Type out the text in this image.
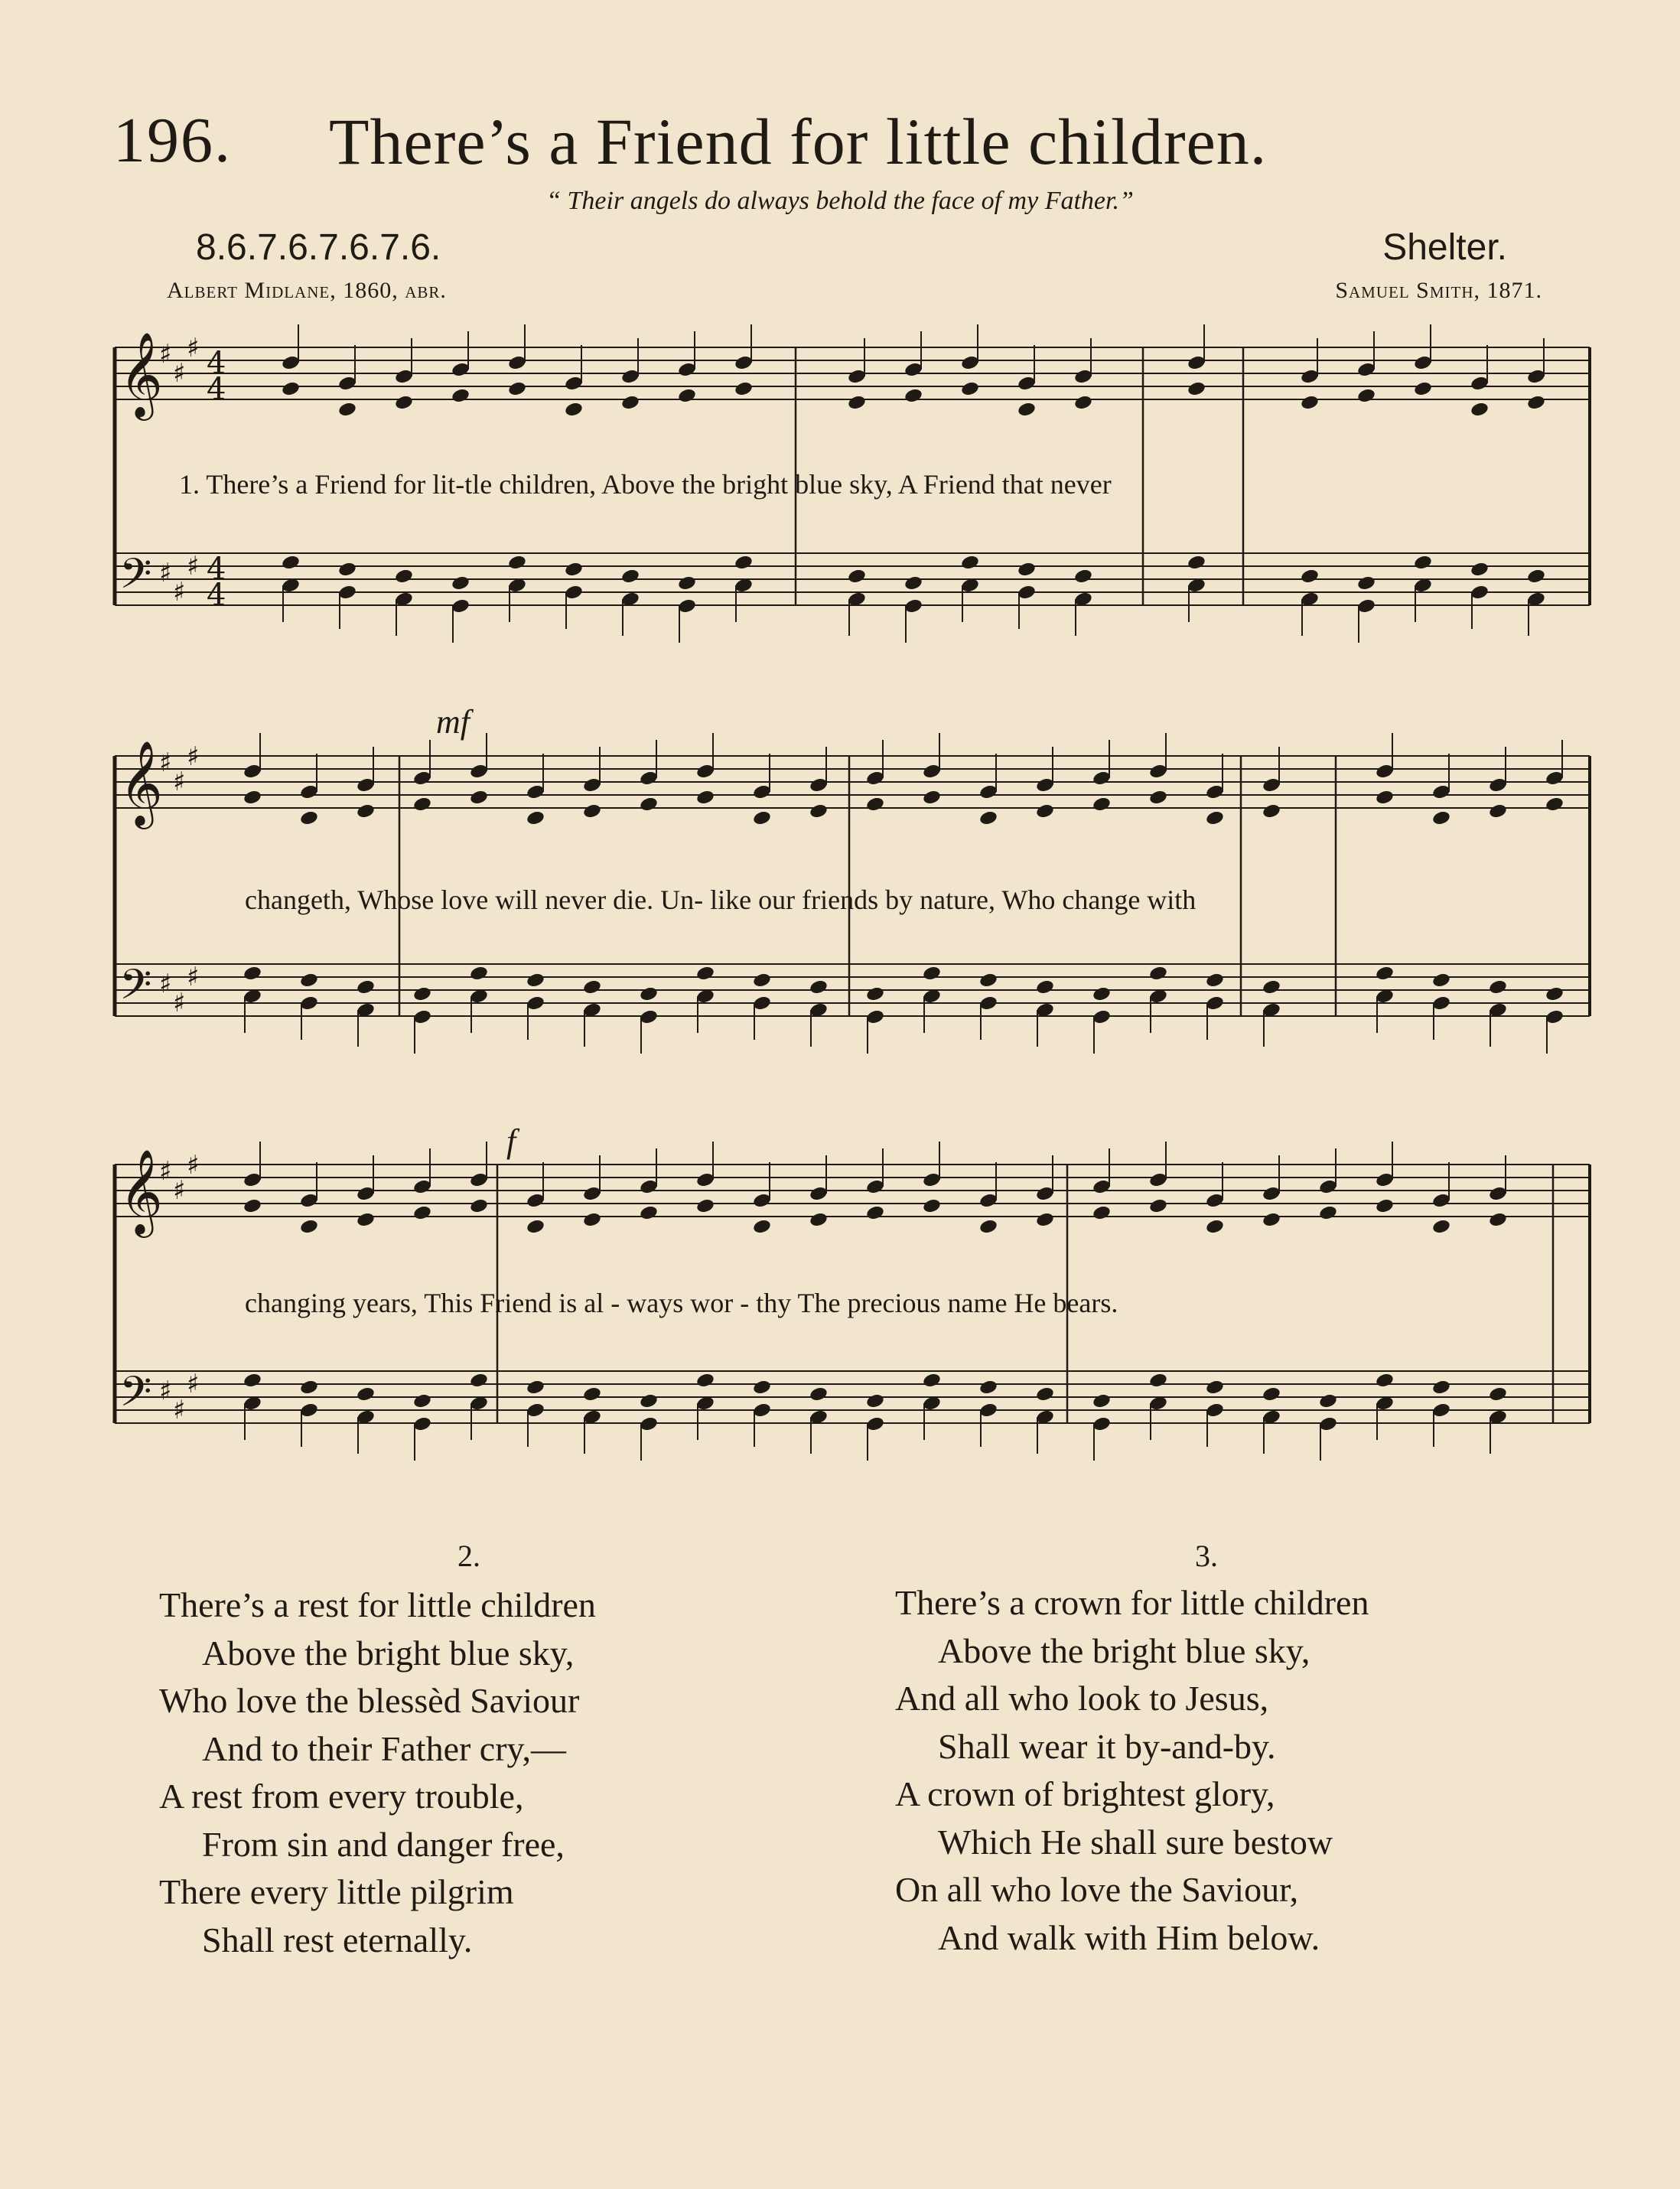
196. There’s a Friend for little children.
“ Their angels do always behold the face of my Father.”
8.6.7.6.7.6.7.6.	Shelter.
Albert Midlane, 1860, abr.	Samuel Smith, 1871.
𝄞
♯
♯
♯ 4
4
𝄢 ♯
♯
♯ 4
4
𝄞
♯
♯
♯
𝄢 ♯
♯
♯
𝄞
♯
♯
♯
𝄢 ♯
♯
♯
mf
f
1. There’s a Friend for lit-tle children, Above the bright blue sky, A Friend that never
changeth, Whose love will never die. Un- like our friends by nature, Who change with
changing years, This Friend is al - ways wor - thy The precious name He bears.
2.
There’s a rest for little children
Above the bright blue sky,
Who love the blessèd Saviour
And to their Father cry,—
A rest from every trouble,
From sin and danger free,
There every little pilgrim
Shall rest eternally.
3.
There’s a crown for little children
Above the bright blue sky,
And all who look to Jesus,
Shall wear it by-and-by.
A crown of brightest glory,
Which He shall sure bestow
On all who love the Saviour,
And walk with Him below.
